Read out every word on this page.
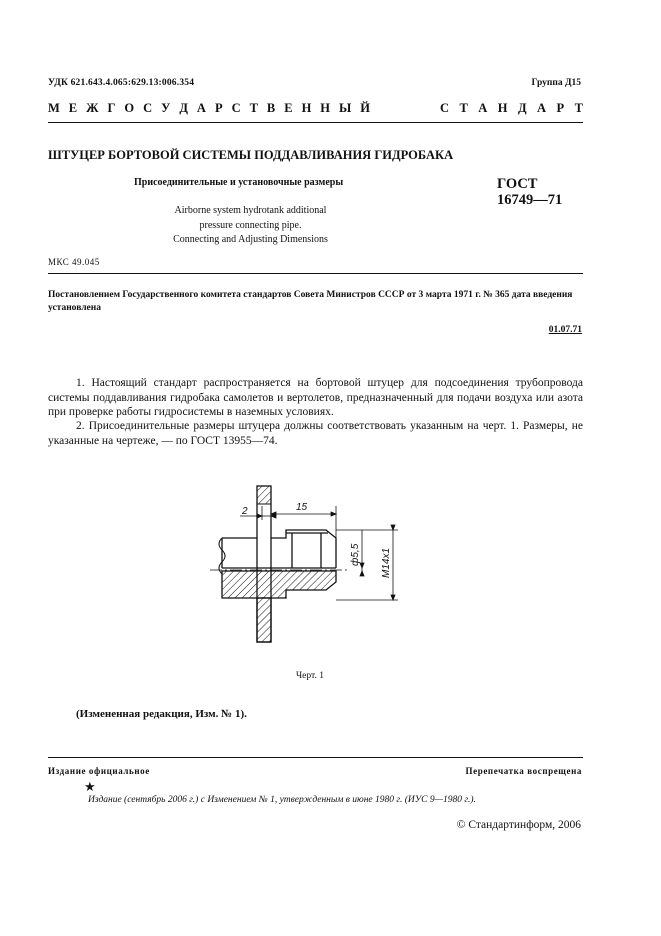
УДК 621.643.4.065:629.13:006.354	Группа Д15
М Е Ж Г О С У Д А Р С Т В Е Н Н Ы Й	С Т А Н Д А Р Т
ШТУЦЕР БОРТОВОЙ СИСТЕМЫ ПОДДАВЛИВАНИЯ ГИДРОБАКА
Присоединительные и установочные размеры	ГОСТ
16749—71
Airborne system hydrotank additional
pressure connecting pipe.
Connecting and Adjusting Dimensions
МКС 49.045
Постановлением Государственного комитета стандартов Совета Министров СССР от 3 марта 1971 г. № 365 дата введения установлена
01.07.71
1. Настоящий стандарт распространяется на бортовой штуцер для подсоединения трубопровода системы поддавливания гидробака самолетов и вертолетов, предназначенный для подачи воздуха или азота при проверке работы гидросистемы в наземных условиях.
2. Присоединительные размеры штуцера должны соответствовать указанным на черт. 1. Размеры, не указанные на чертеже, — по ГОСТ 13955—74.
2	15
ф5,5 М14х1
Черт. 1
(Измененная редакция, Изм. № 1).
Издание официальное	Перепечатка воспрещена
★
Издание (сентябрь 2006 г.) с Изменением № 1, утвержденным в июне 1980 г. (ИУС 9—1980 г.).
© Стандартинформ, 2006
